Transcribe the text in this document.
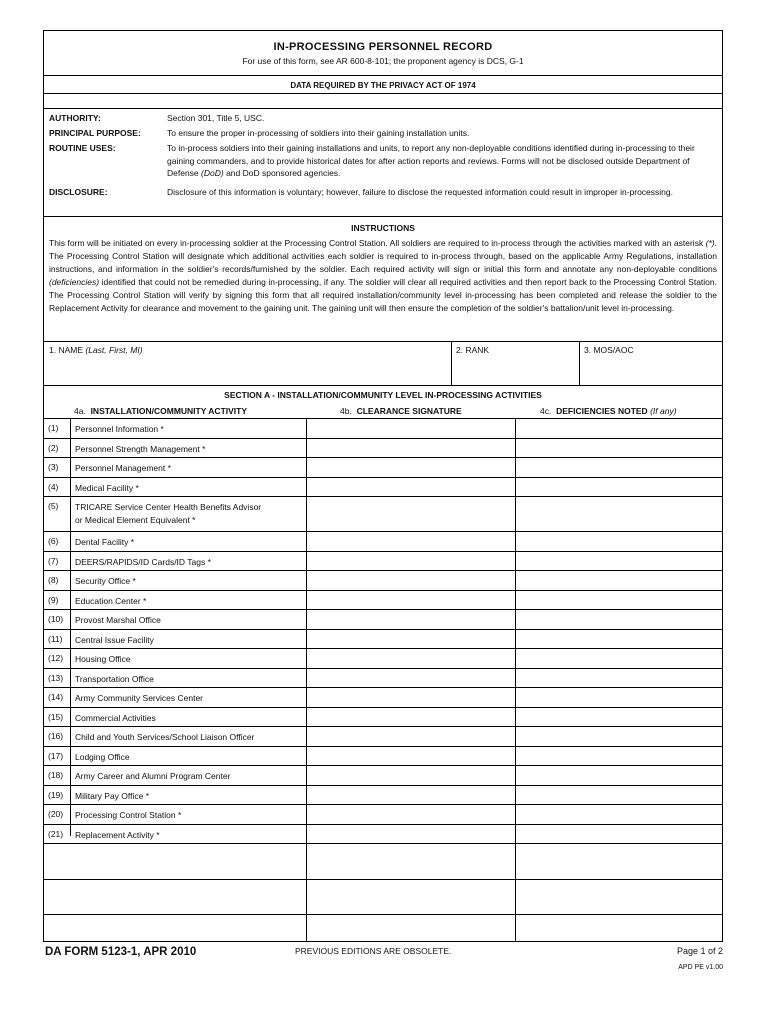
IN-PROCESSING PERSONNEL RECORD
For use of this form, see AR 600-8-101; the proponent agency is DCS, G-1
DATA REQUIRED BY THE PRIVACY ACT OF 1974
AUTHORITY:	Section 301, Title 5, USC.
PRINCIPAL PURPOSE:	To ensure the proper in-processing of soldiers into their gaining installation units.
ROUTINE USES:	To in-process soldiers into their gaining installations and units, to report any non-deployable conditions identified during in-processing to their gaining commanders, and to provide historical dates for after action reports and reviews. Forms will not be disclosed outside Department of Defense (DoD) and DoD sponsored agencies.
DISCLOSURE:	Disclosure of this information is voluntary; however, failure to disclose the requested information could result in improper in-processing.
INSTRUCTIONS
This form will be initiated on every in-processing soldier at the Processing Control Station. All soldiers are required to in-process through the activities marked with an asterisk (*). The Processing Control Station will designate which additional activities each soldier is required to in-process through, based on the applicable Army Regulations, installation instructions, and information in the soldier's records/furnished by the soldier. Each required activity will sign or initial this form and annotate any non-deployable conditions (deficiencies) identified that could not be remedied during in-processing, if any. The soldier will clear all required activities and then report back to the Processing Control Station. The Processing Control Station will verify by signing this form that all required installation/community level in-processing has been completed and release the soldier to the Replacement Activity for clearance and movement to the gaining unit. The gaining unit will then ensure the completion of the soldier's battalion/unit level in-processing.
1. NAME (Last, First, MI)	2. RANK	3. MOS/AOC
SECTION A - INSTALLATION/COMMUNITY LEVEL IN-PROCESSING ACTIVITIES
4a. INSTALLATION/COMMUNITY ACTIVITY	4b. CLEARANCE SIGNATURE	4c. DEFICIENCIES NOTED (If any)
(1) Personnel Information *
(2) Personnel Strength Management *
(3) Personnel Management *
(4) Medical Facility *
(5) TRICARE Service Center Health Benefits Advisor
or Medical Element Equivalent *
(6) Dental Facility *
(7) DEERS/RAPIDS/ID Cards/ID Tags *
(8) Security Office *
(9) Education Center *
(10) Provost Marshal Office
(11) Central Issue Facility
(12) Housing Office
(13) Transportation Office
(14) Army Community Services Center
(15) Commercial Activities
(16) Child and Youth Services/School Liaison Officer
(17) Lodging Office
(18) Army Career and Alumni Program Center
(19) Military Pay Office *
(20) Processing Control Station *
(21) Replacement Activity *
DA FORM 5123-1, APR 2010	PREVIOUS EDITIONS ARE OBSOLETE.	Page 1 of 2
APD PE v1.00
